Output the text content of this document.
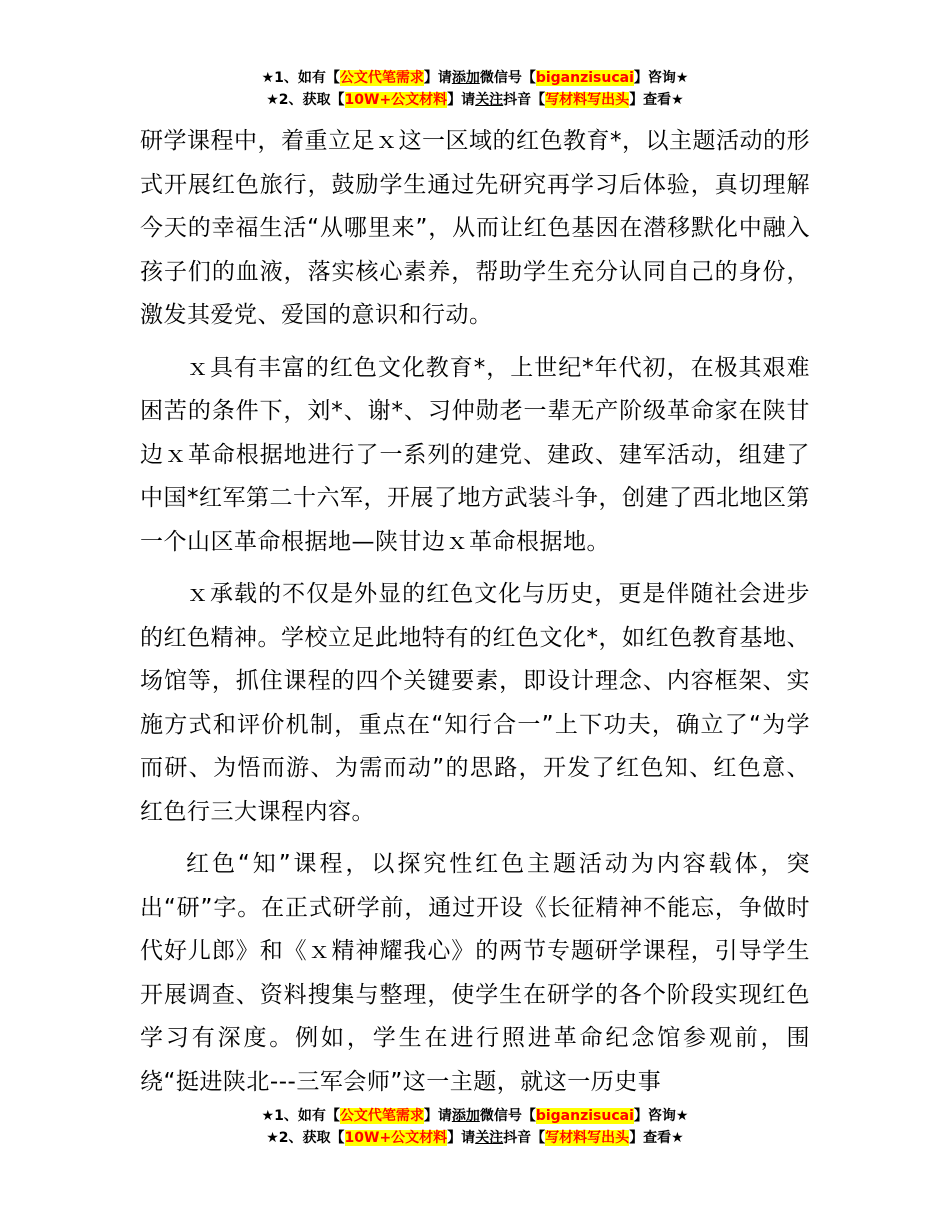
★1、如有【公文代笔需求】请添加微信号【biganzisucai】咨询★
★2、获取【10W+公文材料】请关注抖音【写材料写出头】查看★

研学课程中，着重立足ｘ这一区域的红色教育*，以主题活动的形式开展红色旅行，鼓励学生通过先研究再学习后体验，真切理解今天的幸福生活“从哪里来”，从而让红色基因在潜移默化中融入孩子们的血液，落实核心素养，帮助学生充分认同自己的身份，激发其爱党、爱国的意识和行动。

ｘ具有丰富的红色文化教育*，上世纪*年代初，在极其艰难困苦的条件下，刘*、谢*、习仲勋老一辈无产阶级革命家在陕甘边ｘ革命根据地进行了一系列的建党、建政、建军活动，组建了中国*红军第二十六军，开展了地方武装斗争，创建了西北地区第一个山区革命根据地—陕甘边ｘ革命根据地。

ｘ承载的不仅是外显的红色文化与历史，更是伴随社会进步的红色精神。学校立足此地特有的红色文化*，如红色教育基地、场馆等，抓住课程的四个关键要素，即设计理念、内容框架、实施方式和评价机制，重点在“知行合一”上下功夫，确立了“为学而研、为悟而游、为需而动”的思路，开发了红色知、红色意、红色行三大课程内容。

红色“知”课程，以探究性红色主题活动为内容载体，突出“研”字。在正式研学前，通过开设《长征精神不能忘，争做时代好儿郎》和《ｘ精神耀我心》的两节专题研学课程，引导学生开展调查、资料搜集与整理，使学生在研学的各个阶段实现红色学习有深度。例如，学生在进行照进革命纪念馆参观前，围绕“挺进陕北---三军会师”这一主题，就这一历史事

★1、如有【公文代笔需求】请添加微信号【biganzisucai】咨询★
★2、获取【10W+公文材料】请关注抖音【写材料写出头】查看★
